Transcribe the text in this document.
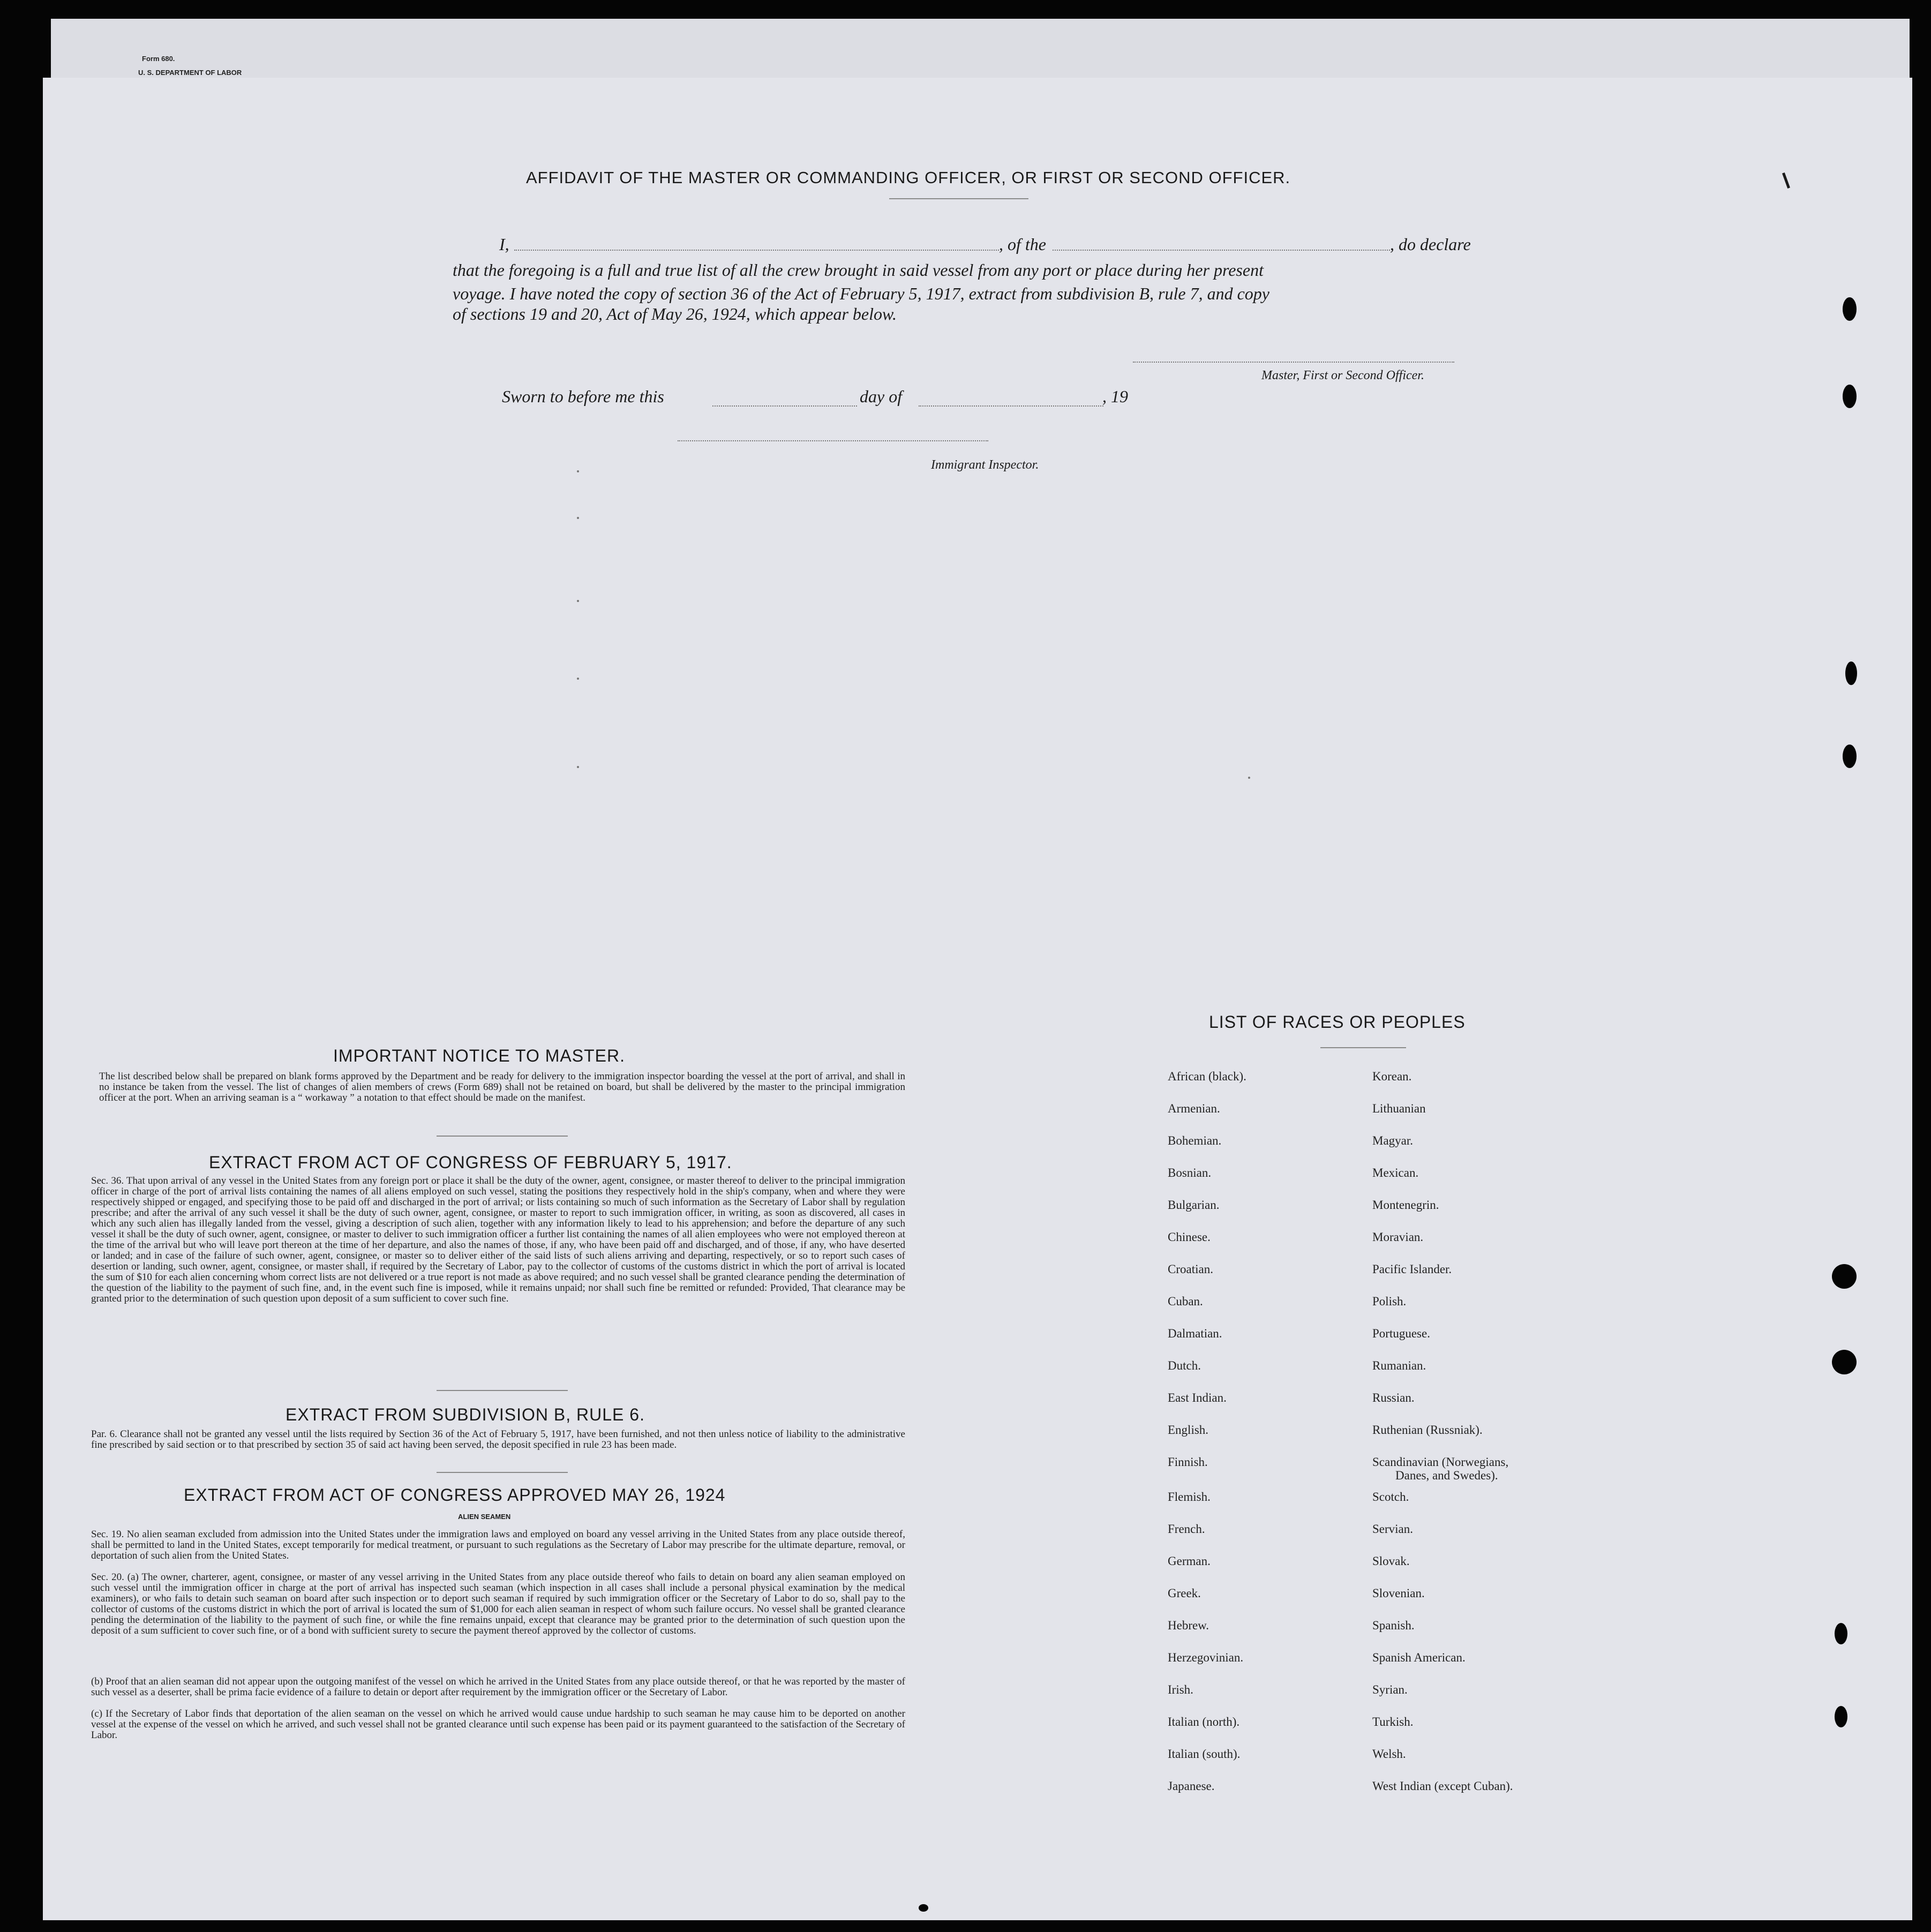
Form 680.
U. S. DEPARTMENT OF LABOR
AFFIDAVIT OF THE MASTER OR COMMANDING OFFICER, OR FIRST OR SECOND OFFICER.
I,	, of the	, do declare
that the foregoing is a full and true list of all the crew brought in said vessel from any port or place during her present
voyage. I have noted the copy of section 36 of the Act of February 5, 1917, extract from subdivision B, rule 7, and copy
of sections 19 and 20, Act of May 26, 1924, which appear below.
Master, First or Second Officer.
Sworn to before me this	day of	, 19
Immigrant Inspector.
IMPORTANT NOTICE TO MASTER.
The list described below shall be prepared on blank forms approved by the Department and be ready for delivery to the immigration inspector boarding the vessel at the port of arrival, and shall in no instance be taken from the vessel. The list of changes of alien members of crews (Form 689) shall not be retained on board, but shall be delivered by the master to the principal immigration officer at the port. When an arriving seaman is a “ workaway ” a notation to that effect should be made on the manifest.
EXTRACT FROM ACT OF CONGRESS OF FEBRUARY 5, 1917.
Sec. 36. That upon arrival of any vessel in the United States from any foreign port or place it shall be the duty of the owner, agent, consignee, or master thereof to deliver to the principal immigration officer in charge of the port of arrival lists containing the names of all aliens employed on such vessel, stating the positions they respectively hold in the ship's company, when and where they were respectively shipped or engaged, and specifying those to be paid off and discharged in the port of arrival; or lists containing so much of such information as the Secretary of Labor shall by regulation prescribe; and after the arrival of any such vessel it shall be the duty of such owner, agent, consignee, or master to report to such immigration officer, in writing, as soon as discovered, all cases in which any such alien has illegally landed from the vessel, giving a description of such alien, together with any information likely to lead to his apprehension; and before the departure of any such vessel it shall be the duty of such owner, agent, consignee, or master to deliver to such immigration officer a further list containing the names of all alien employees who were not employed thereon at the time of the arrival but who will leave port thereon at the time of her departure, and also the names of those, if any, who have been paid off and discharged, and of those, if any, who have deserted or landed; and in case of the failure of such owner, agent, consignee, or master so to deliver either of the said lists of such aliens arriving and departing, respectively, or so to report such cases of desertion or landing, such owner, agent, consignee, or master shall, if required by the Secretary of Labor, pay to the collector of customs of the customs district in which the port of arrival is located the sum of $10 for each alien concerning whom correct lists are not delivered or a true report is not made as above required; and no such vessel shall be granted clearance pending the determination of the question of the liability to the payment of such fine, and, in the event such fine is imposed, while it remains unpaid; nor shall such fine be remitted or refunded: Provided, That clearance may be granted prior to the determination of such question upon deposit of a sum sufficient to cover such fine.
EXTRACT FROM SUBDIVISION B, RULE 6.
Par. 6. Clearance shall not be granted any vessel until the lists required by Section 36 of the Act of February 5, 1917, have been furnished, and not then unless notice of liability to the administrative fine prescribed by said section or to that prescribed by section 35 of said act having been served, the deposit specified in rule 23 has been made.
EXTRACT FROM ACT OF CONGRESS APPROVED MAY 26, 1924
ALIEN SEAMEN
Sec. 19. No alien seaman excluded from admission into the United States under the immigration laws and employed on board any vessel arriving in the United States from any place outside thereof, shall be permitted to land in the United States, except temporarily for medical treatment, or pursuant to such regulations as the Secretary of Labor may prescribe for the ultimate departure, removal, or deportation of such alien from the United States.
Sec. 20. (a) The owner, charterer, agent, consignee, or master of any vessel arriving in the United States from any place outside thereof who fails to detain on board any alien seaman employed on such vessel until the immigration officer in charge at the port of arrival has inspected such seaman (which inspection in all cases shall include a personal physical examination by the medical examiners), or who fails to detain such seaman on board after such inspection or to deport such seaman if required by such immigration officer or the Secretary of Labor to do so, shall pay to the collector of customs of the customs district in which the port of arrival is located the sum of $1,000 for each alien seaman in respect of whom such failure occurs. No vessel shall be granted clearance pending the determination of the liability to the payment of such fine, or while the fine remains unpaid, except that clearance may be granted prior to the determination of such question upon the deposit of a sum sufficient to cover such fine, or of a bond with sufficient surety to secure the payment thereof approved by the collector of customs.
(b) Proof that an alien seaman did not appear upon the outgoing manifest of the vessel on which he arrived in the United States from any place outside thereof, or that he was reported by the master of such vessel as a deserter, shall be prima facie evidence of a failure to detain or deport after requirement by the immigration officer or the Secretary of Labor.
(c) If the Secretary of Labor finds that deportation of the alien seaman on the vessel on which he arrived would cause undue hardship to such seaman he may cause him to be deported on another vessel at the expense of the vessel on which he arrived, and such vessel shall not be granted clearance until such expense has been paid or its payment guaranteed to the satisfaction of the Secretary of Labor.
LIST OF RACES OR PEOPLES
African (black).
Armenian.
Bohemian.
Bosnian.
Bulgarian.
Chinese.
Croatian.
Cuban.
Dalmatian.
Dutch.
East Indian.
English.
Finnish.
Flemish.
French.
German.
Greek.
Hebrew.
Herzegovinian.
Irish.
Italian (north).
Italian (south).
Japanese.
Korean.
Lithuanian
Magyar.
Mexican.
Montenegrin.
Moravian.
Pacific Islander.
Polish.
Portuguese.
Rumanian.
Russian.
Ruthenian (Russniak).
Scandinavian (Norwegians,
Danes, and Swedes).
Scotch.
Servian.
Slovak.
Slovenian.
Spanish.
Spanish American.
Syrian.
Turkish.
Welsh.
West Indian (except Cuban).
